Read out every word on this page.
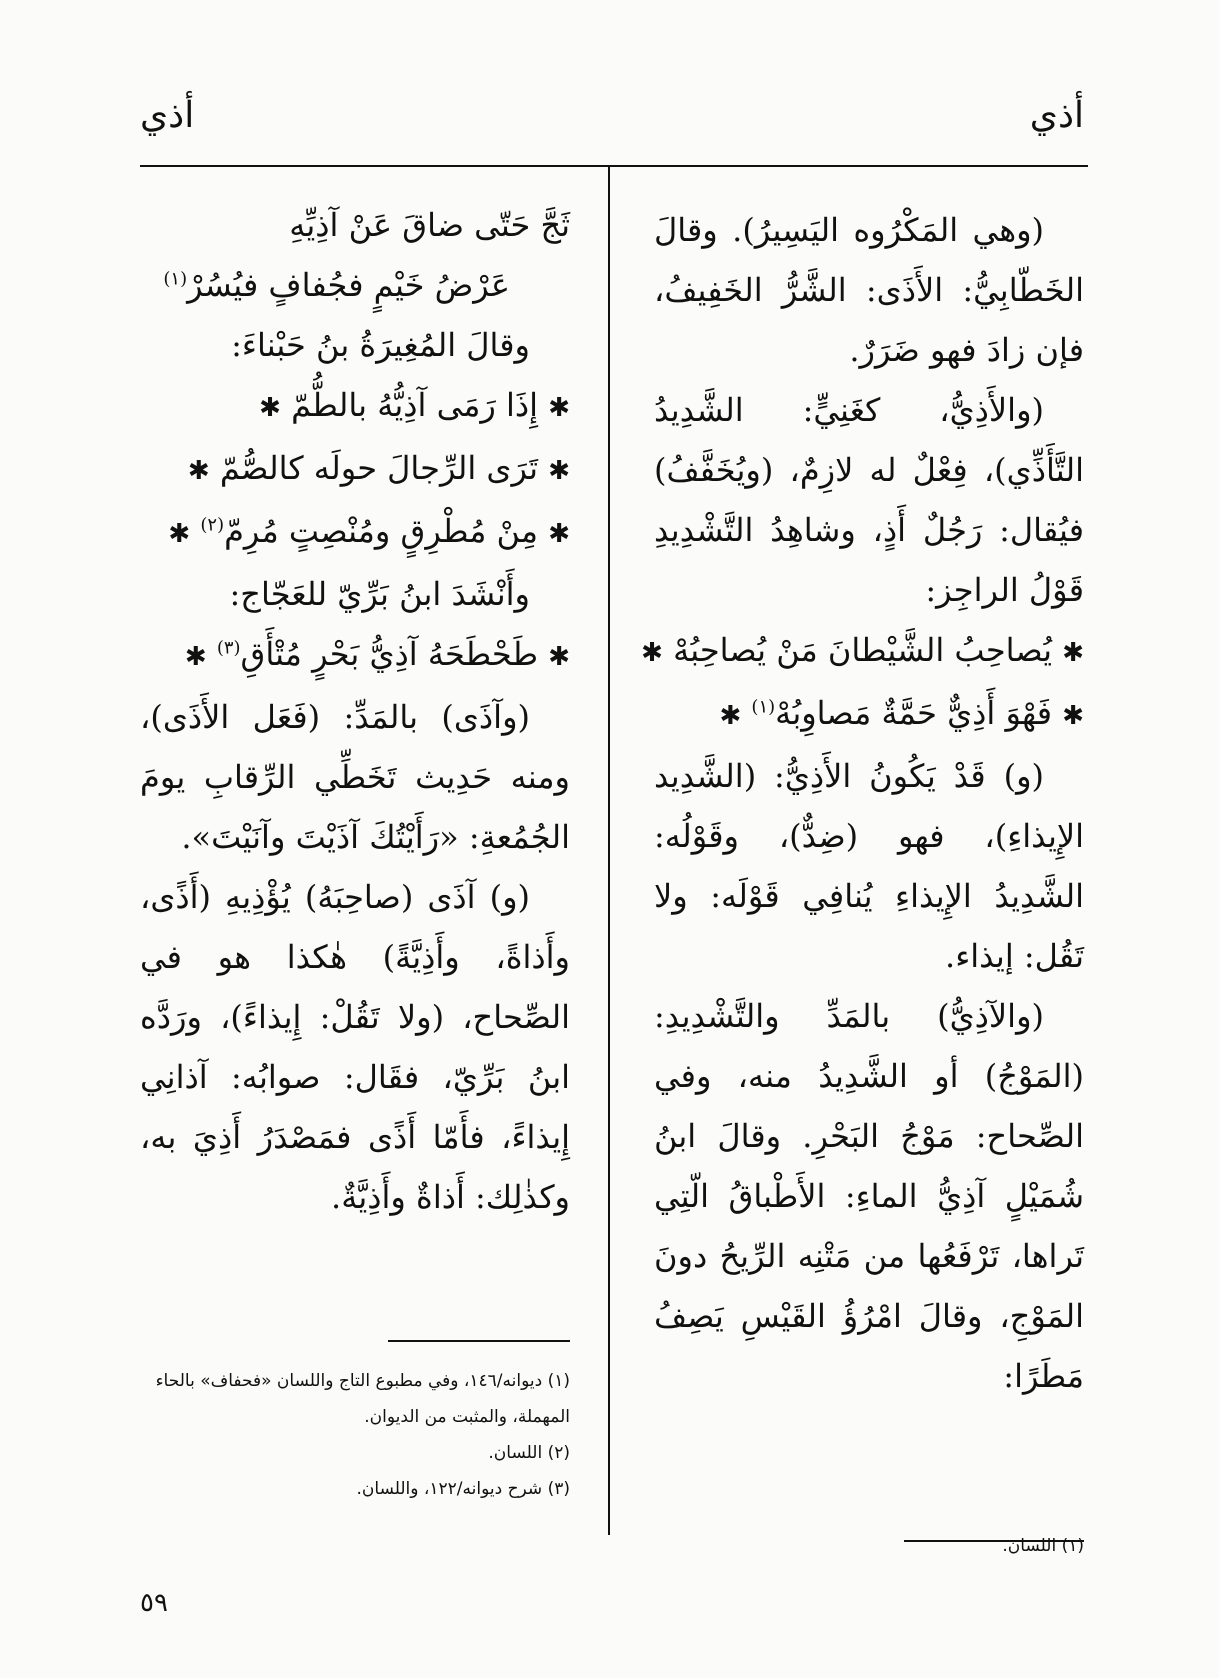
أذي
أذي

(وهي المَكْرُوه اليَسِيرُ). وقالَ الخَطّابِيُّ: الأَذَى: الشَّرُّ الخَفِيفُ، فإن زادَ فهو ضَرَرٌ.

(والأَذِيُّ، كغَنِيٍّ: الشَّدِيدُ التَّأَذِّي)، فِعْلٌ له لازِمٌ، (ويُخَفَّفُ) فيُقال: رَجُلٌ أَذٍ، وشاهِدُ التَّشْدِيدِ قَوْلُ الراجِز:

✱ يُصاحِبُ الشَّيْطانَ مَنْ يُصاحِبُهْ ✱

✱ فَهْوَ أَذِيٌّ حَمَّةٌ مَصاوِبُهْ$^{(١)}$ ✱

(و) قَدْ يَكُونُ الأَذِيُّ: (الشَّدِيد الإِيذاءِ)، فهو (ضِدٌّ)، وقَوْلُه: الشَّدِيدُ الإِيذاءِ يُنافِي قَوْلَه: ولا تَقُل: إيذاء.

(والآذِيُّ) بالمَدِّ والتَّشْدِيدِ: (المَوْجُ) أو الشَّدِيدُ منه، وفي الصِّحاح: مَوْجُ البَحْرِ. وقالَ ابنُ شُمَيْلٍ آذِيُّ الماءِ: الأَطْباقُ الّتِي تَراها، تَرْفَعُها من مَتْنِه الرِّيحُ دونَ المَوْجِ، وقالَ امْرُؤُ القَيْسِ يَصِفُ مَطَرًا:

ثَجَّ حَتّى ضاقَ عَنْ آذِيِّهِ

عَرْضُ خَيْمٍ فجُفافٍ فيُسُرْ$^{(١)}$

وقالَ المُغِيرَةُ بنُ حَبْناءَ:

✱ إِذَا رَمَى آذِيُّهُ بالطُّمّ ✱

✱ تَرَى الرِّجالَ حولَه كالصُّمّ ✱

✱ مِنْ مُطْرِقٍ ومُنْصِتٍ مُرِمّ$^{(٢)}$ ✱

وأَنْشَدَ ابنُ بَرِّيّ للعَجّاج:

✱ طَحْطَحَهُ آذِيُّ بَحْرٍ مُتْأَقِ$^{(٣)}$ ✱

(وآذَى) بالمَدِّ: (فَعَل الأَذَى)، ومنه حَدِيث تَخَطِّي الرِّقابِ يومَ الجُمُعةِ: «رَأَيْتُكَ آذَيْتَ وآنَيْتَ».

(و) آذَى (صاحِبَهُ) يُؤْذِيهِ (أَذًى، وأَذاةً، وأَذِيَّةً) هٰكذا هو في الصِّحاح، (ولا تَقُلْ: إِيذاءً)، ورَدَّه ابنُ بَرِّيّ، فقَال: صوابُه: آذانِي إِيذاءً، فأَمّا أَذًى فمَصْدَرُ أَذِيَ به، وكذٰلِك: أَذاةٌ وأَذِيَّةٌ.

(١) اللسان.

(١) ديوانه/١٤٦، وفي مطبوع التاج واللسان «فحفاف» بالحاء المهملة، والمثبت من الديوان.

(٢) اللسان.

(٣) شرح ديوانه/١٢٢، واللسان.

٥٩
